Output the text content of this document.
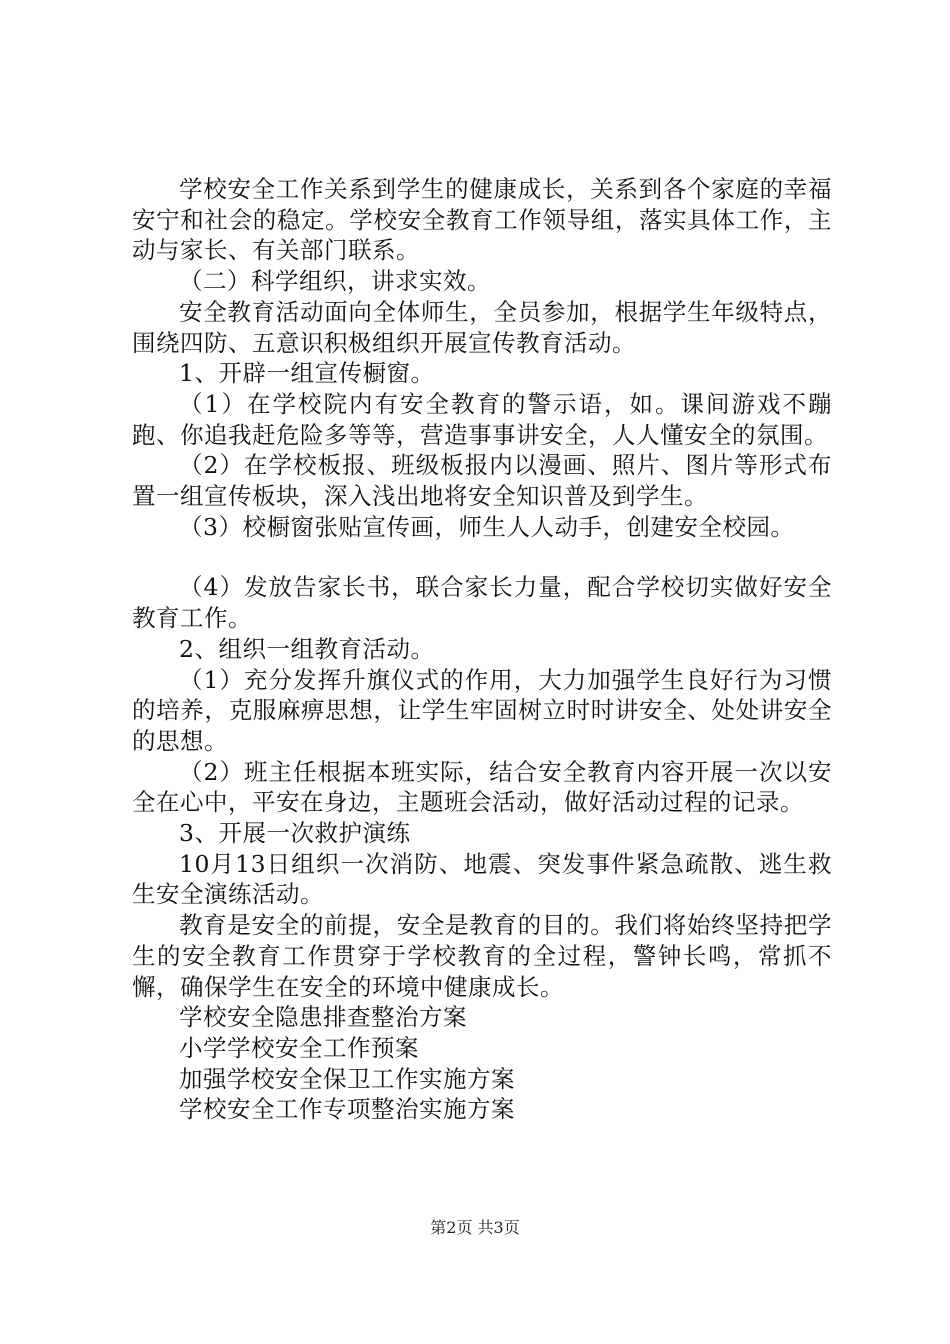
学校安全工作关系到学生的健康成长，关系到各个家庭的幸福安宁和社会的稳定。学校安全教育工作领导组，落实具体工作，主动与家长、有关部门联系。

（二）科学组织，讲求实效。

安全教育活动面向全体师生，全员参加，根据学生年级特点，围绕四防、五意识积极组织开展宣传教育活动。

1、开辟一组宣传橱窗。

（1）在学校院内有安全教育的警示语，如。课间游戏不蹦跑、你追我赶危险多等等，营造事事讲安全，人人懂安全的氛围。

（2）在学校板报、班级板报内以漫画、照片、图片等形式布置一组宣传板块，深入浅出地将安全知识普及到学生。

（3）校橱窗张贴宣传画，师生人人动手，创建安全校园。

（4）发放告家长书，联合家长力量，配合学校切实做好安全教育工作。

2、组织一组教育活动。

（1）充分发挥升旗仪式的作用，大力加强学生良好行为习惯的培养，克服麻痹思想，让学生牢固树立时时讲安全、处处讲安全的思想。

（2）班主任根据本班实际，结合安全教育内容开展一次以安全在心中，平安在身边，主题班会活动，做好活动过程的记录。

3、开展一次救护演练

10月13日组织一次消防、地震、突发事件紧急疏散、逃生救生安全演练活动。

教育是安全的前提，安全是教育的目的。我们将始终坚持把学生的安全教育工作贯穿于学校教育的全过程，警钟长鸣，常抓不懈，确保学生在安全的环境中健康成长。

学校安全隐患排查整治方案

小学学校安全工作预案

加强学校安全保卫工作实施方案

学校安全工作专项整治实施方案

第2页 共3页
